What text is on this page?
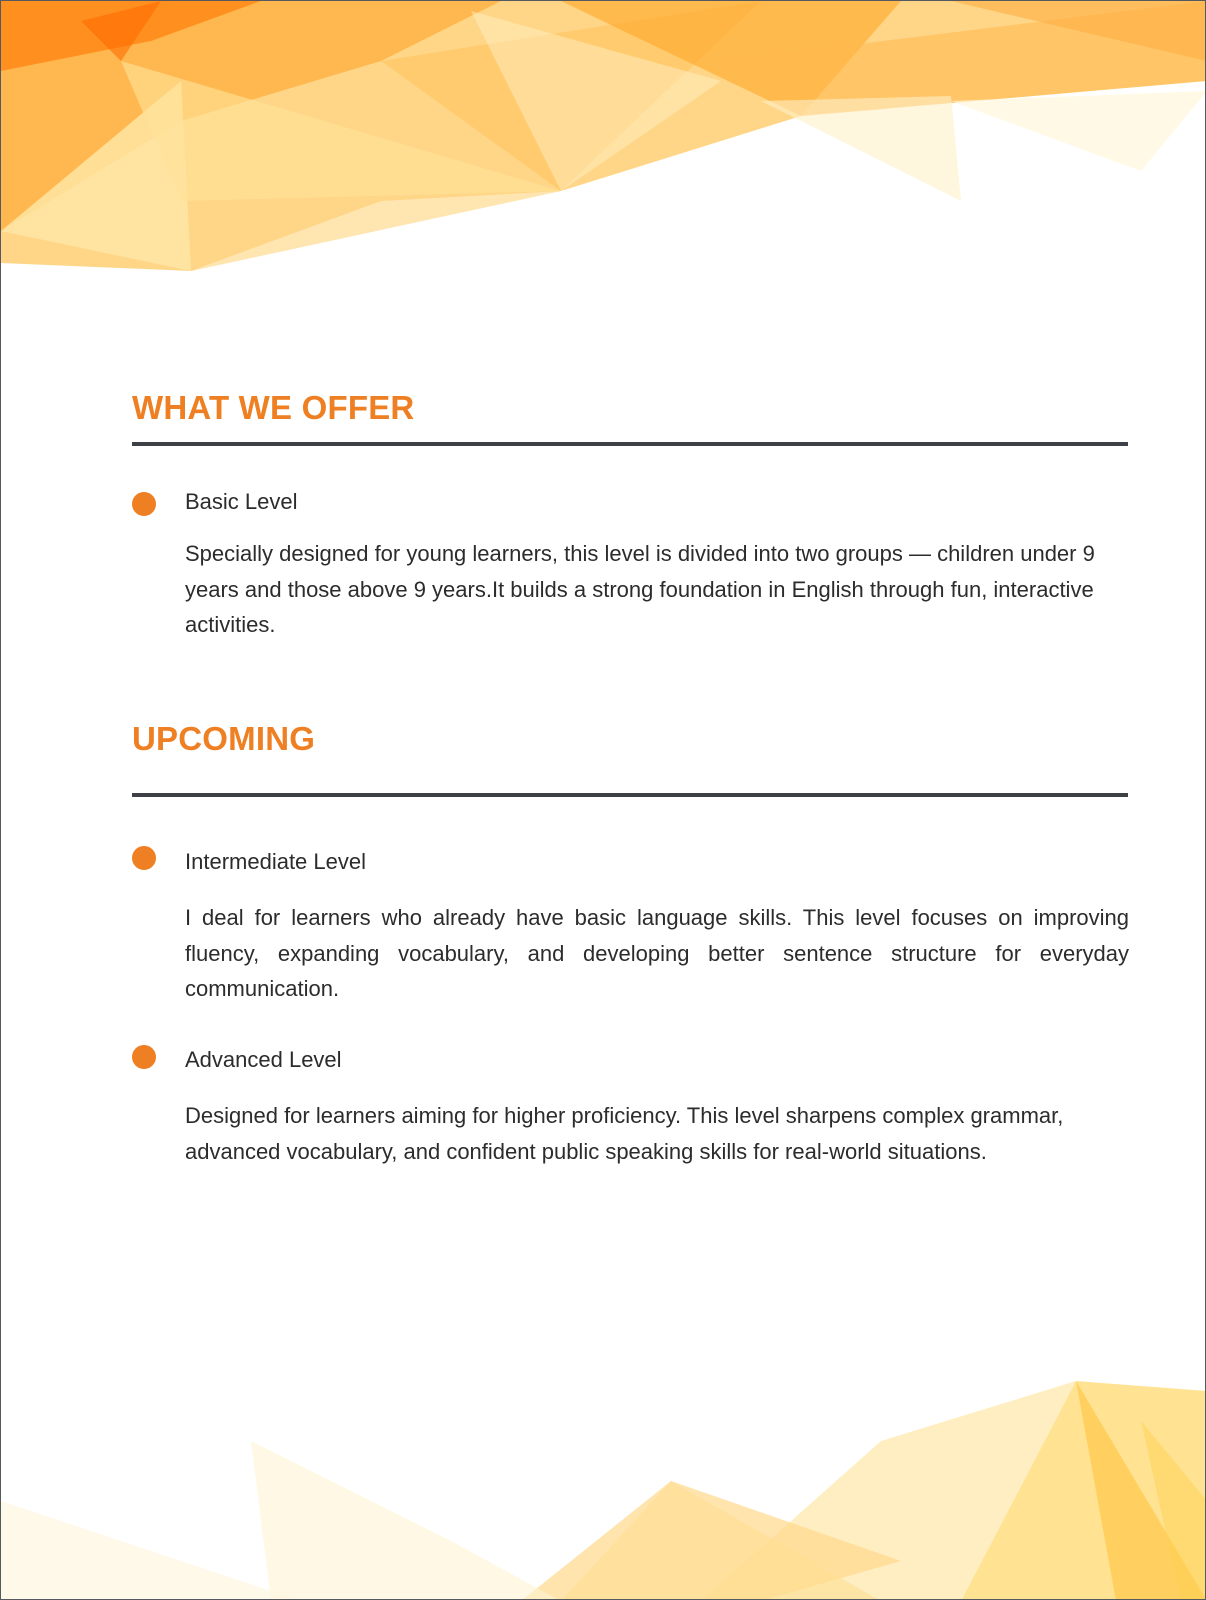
WHAT WE OFFER
Basic Level

Specially designed for young learners, this level is divided into two groups — children under 9 years and those above 9 years.It builds a strong foundation in English through fun, interactive activities.

UPCOMING
Intermediate Level

I deal for learners who already have basic language skills. This level focuses on improving fluency, expanding vocabulary, and developing better sentence structure for everyday communication.

Advanced Level

Designed for learners aiming for higher proficiency. This level sharpens complex grammar, advanced vocabulary, and confident public speaking skills for real-world situations.
